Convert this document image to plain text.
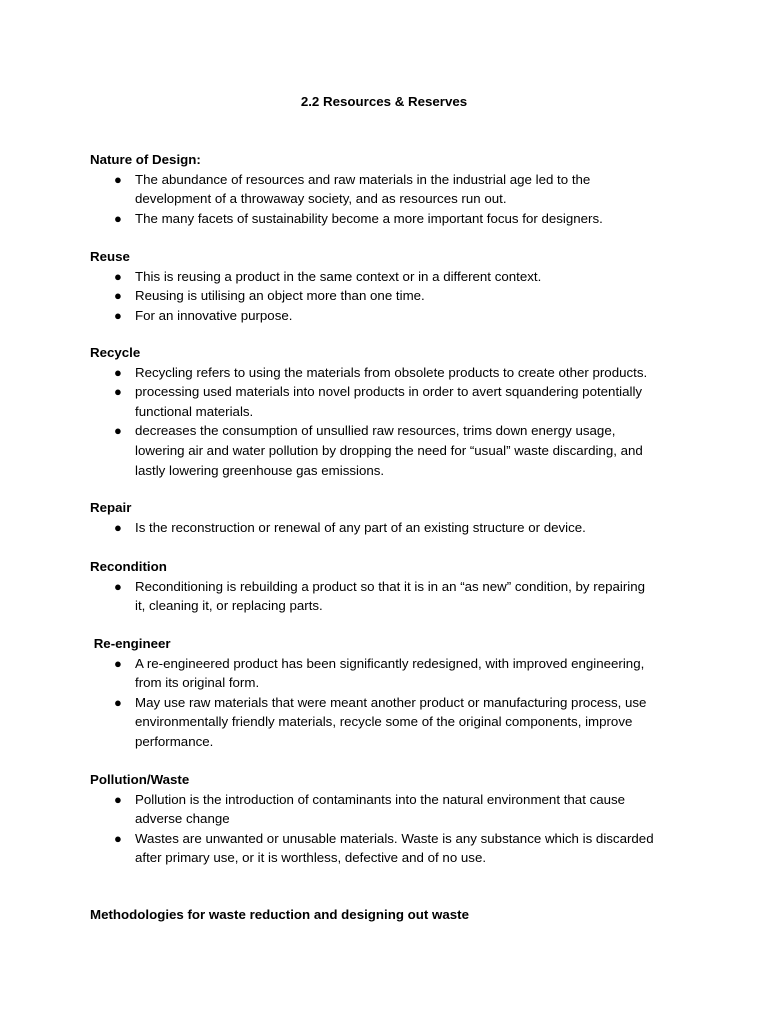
2.2 Resources & Reserves
Nature of Design:
● The abundance of resources and raw materials in the industrial age led to the
development of a throwaway society, and as resources run out.
● The many facets of sustainability become a more important focus for designers.
Reuse
● This is reusing a product in the same context or in a different context.
● Reusing is utilising an object more than one time.
● For an innovative purpose.
Recycle
● Recycling refers to using the materials from obsolete products to create other products.
● processing used materials into novel products in order to avert squandering potentially
functional materials.
● decreases the consumption of unsullied raw resources, trims down energy usage,
lowering air and water pollution by dropping the need for “usual” waste discarding, and
lastly lowering greenhouse gas emissions.
Repair
● Is the reconstruction or renewal of any part of an existing structure or device.
Recondition
● Reconditioning is rebuilding a product so that it is in an “as new” condition, by repairing
it, cleaning it, or replacing parts.
Re-engineer
● A re-engineered product has been significantly redesigned, with improved engineering,
from its original form.
● May use raw materials that were meant another product or manufacturing process, use
environmentally friendly materials, recycle some of the original components, improve
performance.
Pollution/Waste
● Pollution is the introduction of contaminants into the natural environment that cause
adverse change
● Wastes are unwanted or unusable materials. Waste is any substance which is discarded
after primary use, or it is worthless, defective and of no use.
Methodologies for waste reduction and designing out waste
